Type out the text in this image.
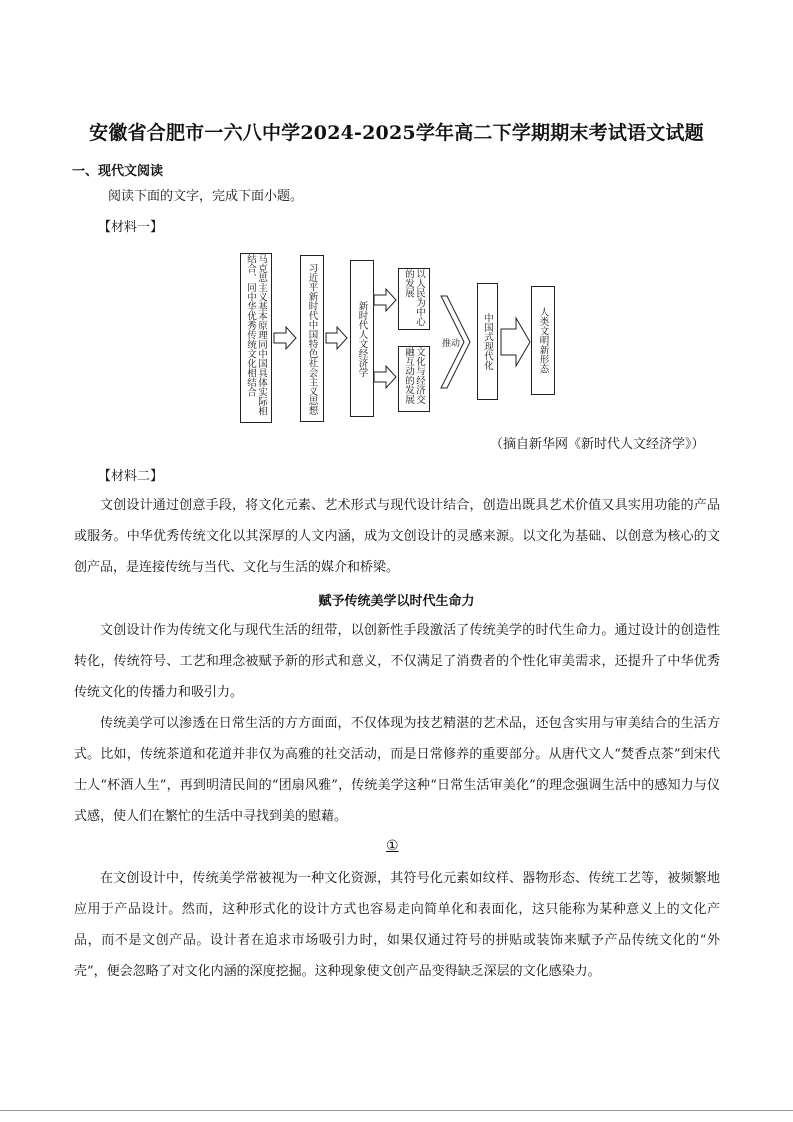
安徽省合肥市一六八中学2024-2025学年高二下学期期末考试语文试题
一、现代文阅读
阅读下面的文字，完成下面小题。
【材料一】
马克思主义基本原理同中国具体实际相结合、同中华优秀传统文化相结合	习近平新时代中国特色社会主义思想	新时代人文经济学
以人民为中心的发展
文化与经济交融互动的发展
推动 中国式现代化	人类文明新形态
（摘自新华网《新时代人文经济学》）
【材料二】

文创设计通过创意手段，将文化元素、艺术形式与现代设计结合，创造出既具艺术价值又具实用功能的产品或服务。中华优秀传统文化以其深厚的人文内涵，成为文创设计的灵感来源。以文化为基础、以创意为核心的文创产品，是连接传统与当代、文化与生活的媒介和桥梁。

赋予传统美学以时代生命力

文创设计作为传统文化与现代生活的纽带，以创新性手段激活了传统美学的时代生命力。通过设计的创造性转化，传统符号、工艺和理念被赋予新的形式和意义，不仅满足了消费者的个性化审美需求，还提升了中华优秀传统文化的传播力和吸引力。

传统美学可以渗透在日常生活的方方面面，不仅体现为技艺精湛的艺术品，还包含实用与审美结合的生活方式。比如，传统茶道和花道并非仅为高雅的社交活动，而是日常修养的重要部分。从唐代文人“焚香点茶”到宋代士人“杯酒人生”，再到明清民间的“团扇风雅”，传统美学这种“日常生活审美化”的理念强调生活中的感知力与仪式感，使人们在繁忙的生活中寻找到美的慰藉。

①

在文创设计中，传统美学常被视为一种文化资源，其符号化元素如纹样、器物形态、传统工艺等，被频繁地应用于产品设计。然而，这种形式化的设计方式也容易走向简单化和表面化，这只能称为某种意义上的文化产品，而不是文创产品。设计者在追求市场吸引力时，如果仅通过符号的拼贴或装饰来赋予产品传统文化的“外壳”，便会忽略了对文化内涵的深度挖掘。这种现象使文创产品变得缺乏深层的文化感染力。
